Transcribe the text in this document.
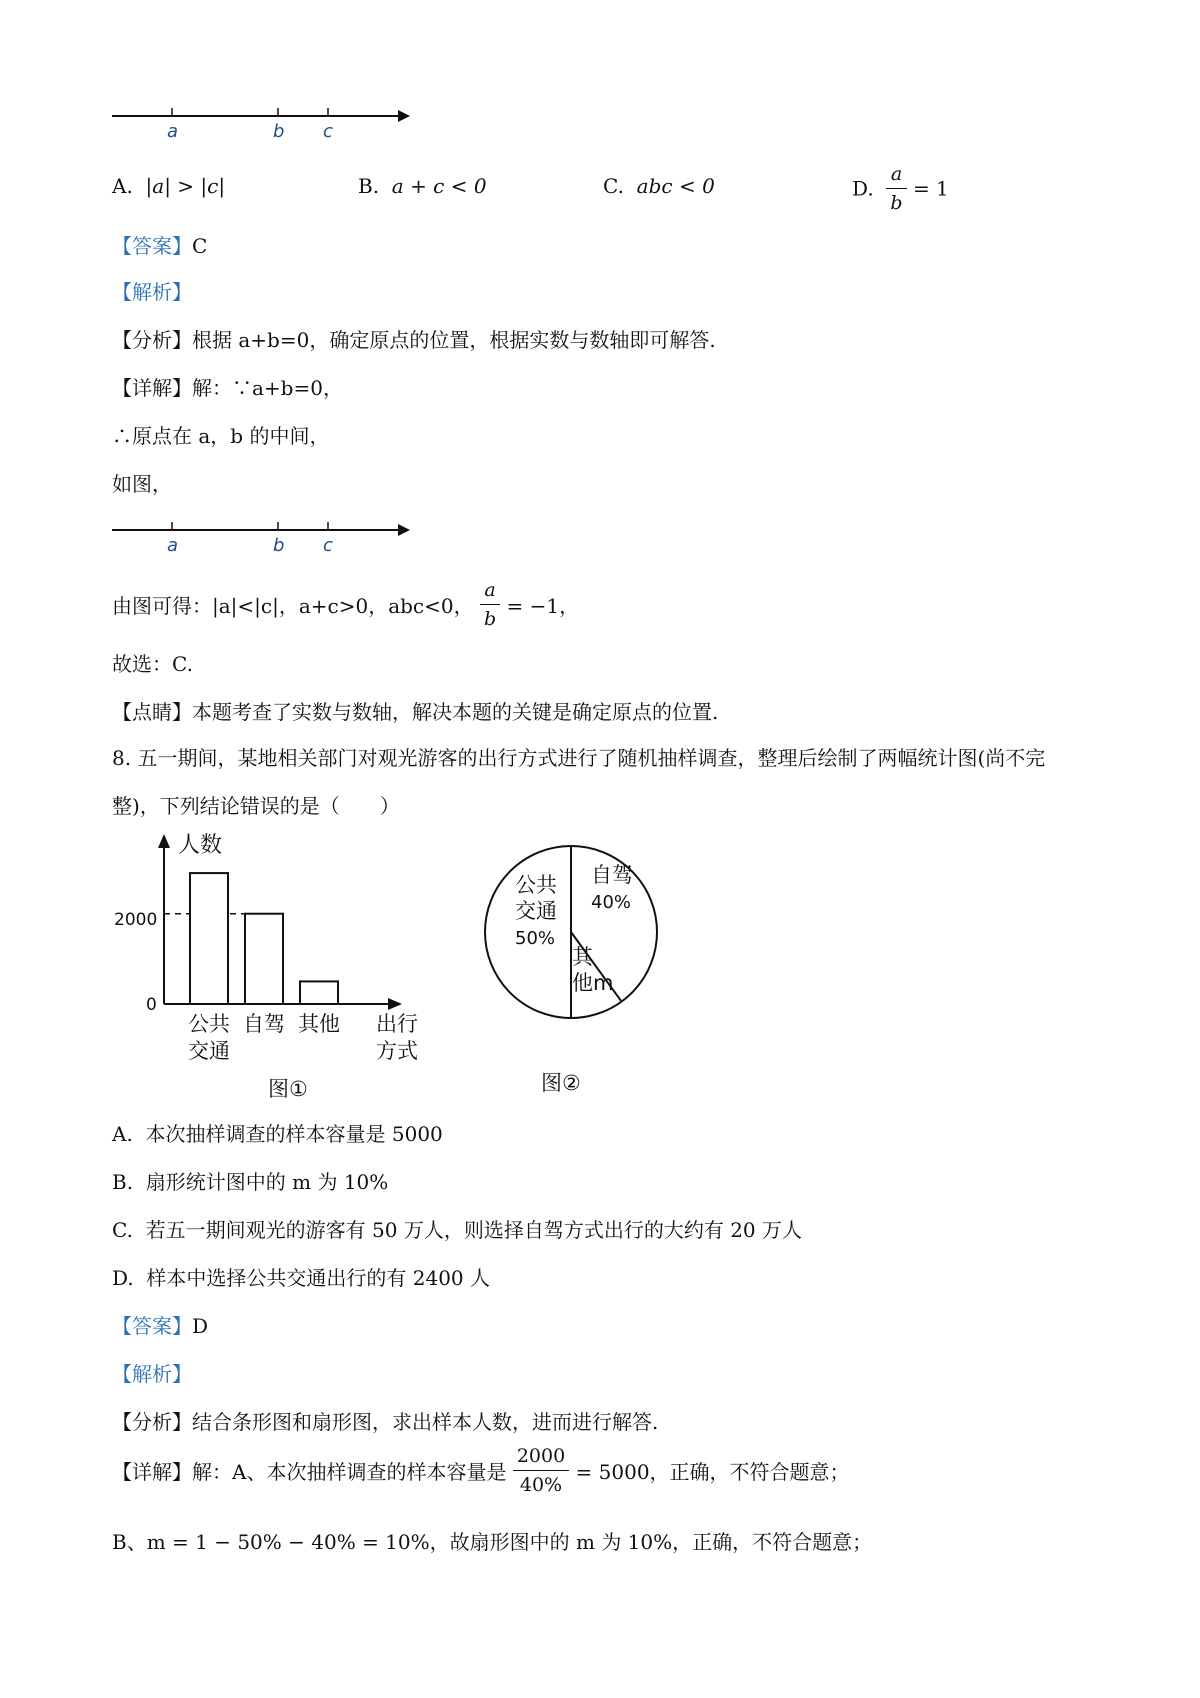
a	b c
A. |a| > |c|	B. a + c < 0	C. abc < 0	D. $\frac{a}{b} = 1$
【答案】C
【解析】
【分析】根据 a+b=0，确定原点的位置，根据实数与数轴即可解答.
【详解】解：∵a+b=0，
∴原点在 a，b 的中间，
如图，
a	b c
由图可得：|a|<|c|，a+c>0，abc<0， $\frac{a}{b} = -1$，
故选：C.
【点睛】本题考查了实数与数轴，解决本题的关键是确定原点的位置.
8. 五一期间，某地相关部门对观光游客的出行方式进行了随机抽样调查，整理后绘制了两幅统计图(尚不完
整)，下列结论错误的是（　　）
公共
交通
自驾 其他
人数
0
2000
出行
方式
图①
公共
交通
50%
自驾
40%
其
他m
图②
A. 本次抽样调查的样本容量是 5000
B. 扇形统计图中的 m 为 10%
C. 若五一期间观光的游客有 50 万人，则选择自驾方式出行的大约有 20 万人
D. 样本中选择公共交通出行的有 2400 人
【答案】D
【解析】
【分析】结合条形图和扇形图，求出样本人数，进而进行解答.
【详解】解：A、本次抽样调查的样本容量是 $\frac{2000}{40\%} = 5000$，正确，不符合题意；
B、m = 1 − 50% − 40% = 10%，故扇形图中的 m 为 10%，正确，不符合题意；
